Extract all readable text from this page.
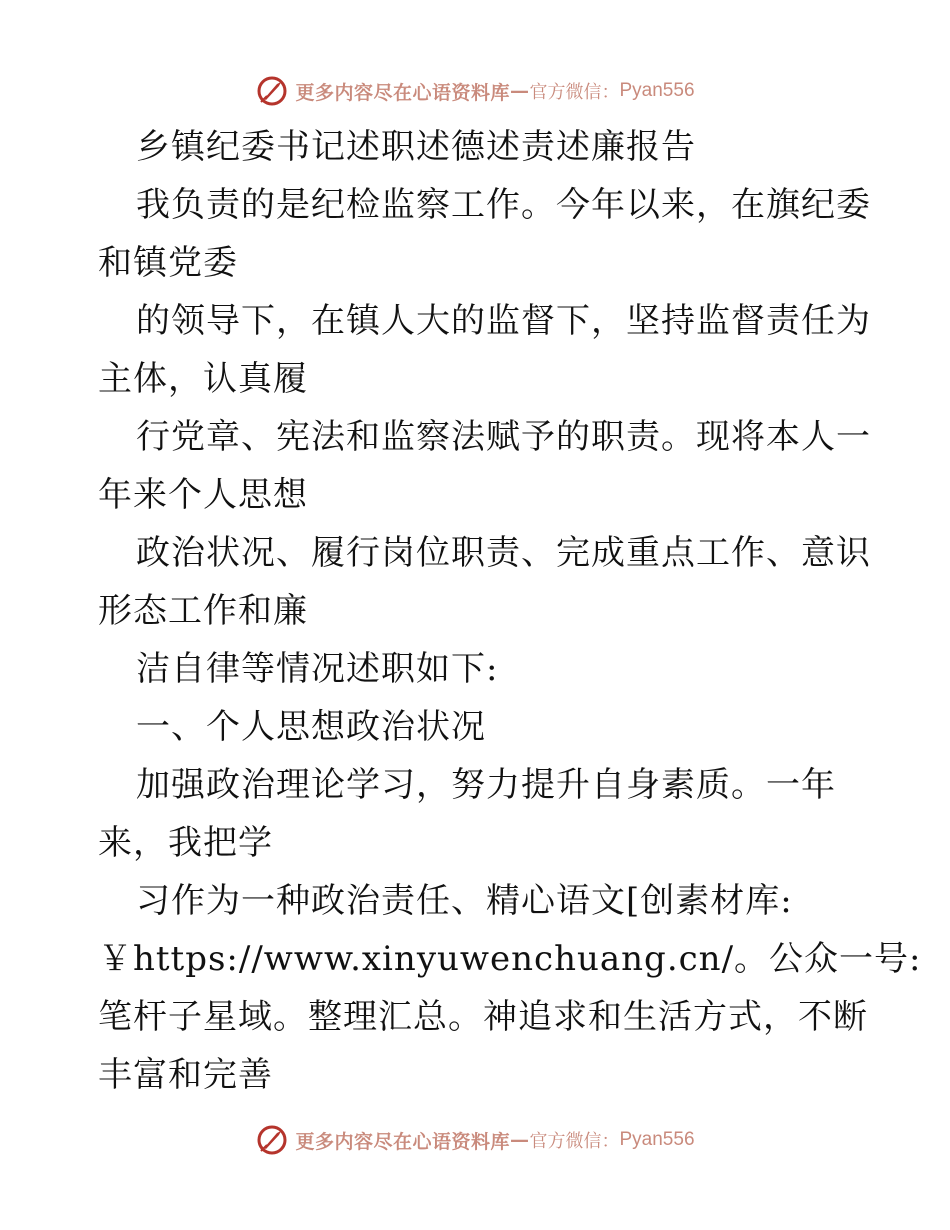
更多内容尽在心语资料库 — 官方微信： Pyan556
乡镇纪委书记述职述德述责述廉报告
我负责的是纪检监察工作。今年以来，在旗纪委
和镇党委
的领导下，在镇人大的监督下，坚持监督责任为
主体，认真履
行党章、宪法和监察法赋予的职责。现将本人一
年来个人思想
政治状况、履行岗位职责、完成重点工作、意识
形态工作和廉
洁自律等情况述职如下:
一、个人思想政治状况
加强政治理论学习，努力提升自身素质。一年
来，我把学
习作为一种政治责任、精心语文[创素材库:
￥https://www.xinyuwenchuang.cn/。公众一号:
笔杆子星域。整理汇总。神追求和生活方式，不断
丰富和完善
更多内容尽在心语资料库 — 官方微信： Pyan556
